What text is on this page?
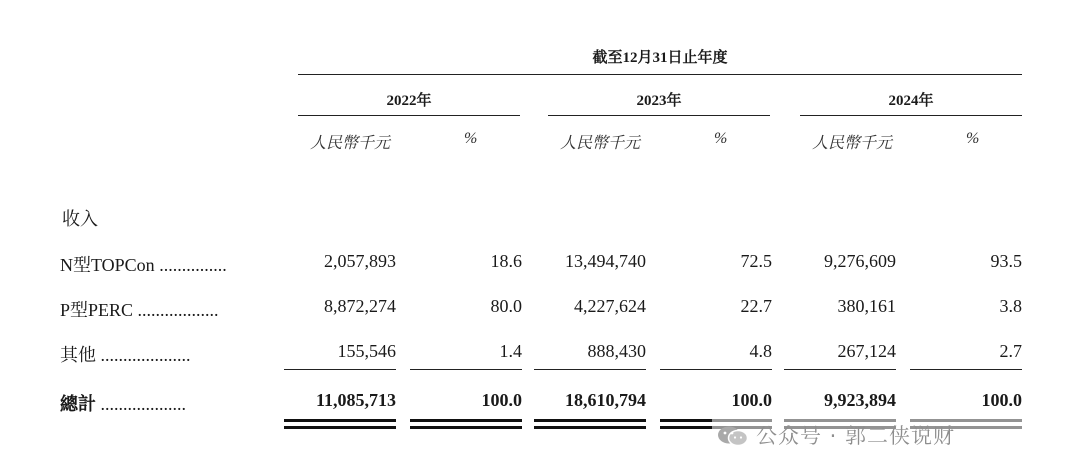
截至12月31日止年度
2022年	2023年	2024年
人民幣千元	%	人民幣千元	%	人民幣千元	%
收入
N型TOPCon ...............	2,057,893	18.6	13,494,740	72.5	9,276,609	93.5
P型PERC ..................	8,872,274	80.0	4,227,624	22.7	380,161	3.8
其他 ....................	155,546	1.4	888,430	4.8	267,124	2.7
總計 ...................	11,085,713	100.0	18,610,794	100.0	9,923,894	100.0
公众号 · 郭二侠说财
